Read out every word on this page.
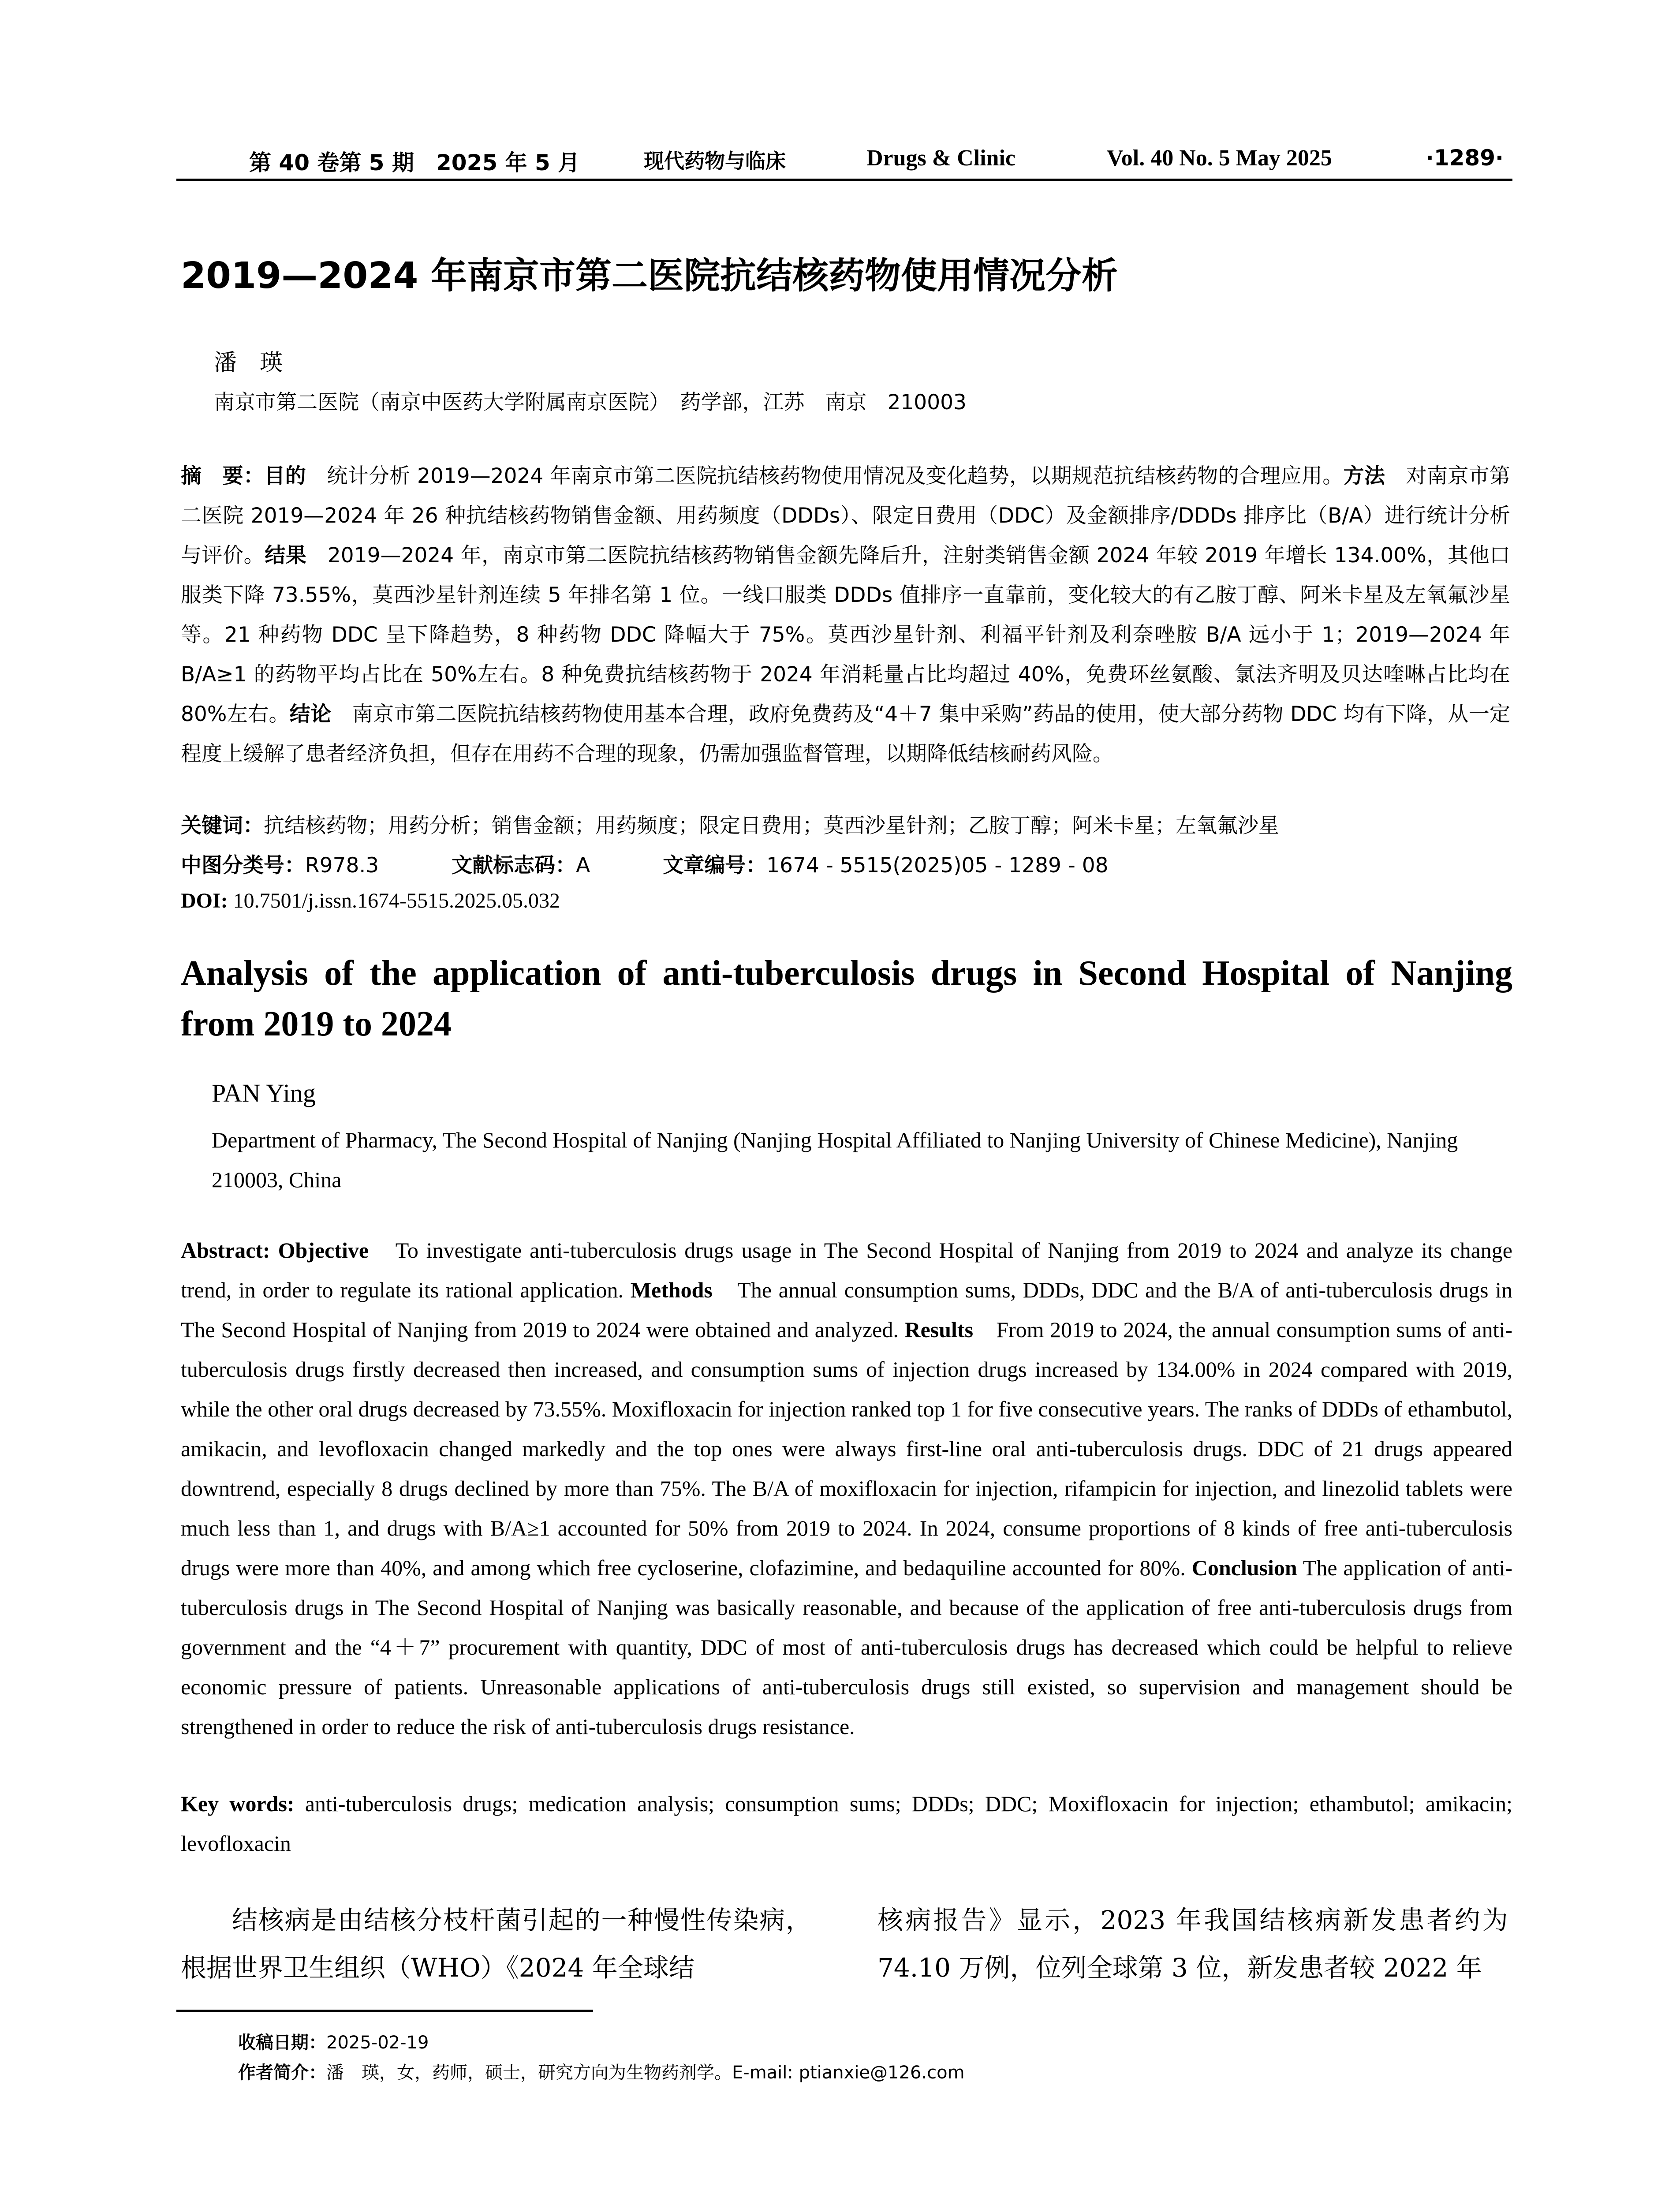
第 40 卷第 5 期　2025 年 5 月	现代药物与临床	Drugs & Clinic	Vol. 40 No. 5 May 2025	·1289·
2019—2024 年南京市第二医院抗结核药物使用情况分析
潘　瑛
南京市第二医院（南京中医药大学附属南京医院）　药学部，江苏　南京　210003
摘　要：目的　统计分析 2019—2024 年南京市第二医院抗结核药物使用情况及变化趋势，以期规范抗结核药物的合理应用。方法　对南京市第二医院 2019—2024 年 26 种抗结核药物销售金额、用药频度（DDDs）、限定日费用（DDC）及金额排序/DDDs 排序比（B/A）进行统计分析与评价。结果　2019—2024 年，南京市第二医院抗结核药物销售金额先降后升，注射类销售金额 2024 年较 2019 年增长 134.00%，其他口服类下降 73.55%，莫西沙星针剂连续 5 年排名第 1 位。一线口服类 DDDs 值排序一直靠前，变化较大的有乙胺丁醇、阿米卡星及左氧氟沙星等。21 种药物 DDC 呈下降趋势，8 种药物 DDC 降幅大于 75%。莫西沙星针剂、利福平针剂及利奈唑胺 B/A 远小于 1；2019—2024 年 B/A≥1 的药物平均占比在 50%左右。8 种免费抗结核药物于 2024 年消耗量占比均超过 40%，免费环丝氨酸、氯法齐明及贝达喹啉占比均在 80%左右。结论　南京市第二医院抗结核药物使用基本合理，政府免费药及“4＋7 集中采购”药品的使用，使大部分药物 DDC 均有下降，从一定程度上缓解了患者经济负担，但存在用药不合理的现象，仍需加强监督管理，以期降低结核耐药风险。
关键词：抗结核药物；用药分析；销售金额；用药频度；限定日费用；莫西沙星针剂；乙胺丁醇；阿米卡星；左氧氟沙星
中图分类号：R978.3	文献标志码：A	文章编号：1674 - 5515(2025)05 - 1289 - 08
DOI: 10.7501/j.issn.1674-5515.2025.05.032
Analysis of the application of anti-tuberculosis drugs in Second Hospital of Nanjing from 2019 to 2024
PAN Ying
Department of Pharmacy, The Second Hospital of Nanjing (Nanjing Hospital Affiliated to Nanjing University of Chinese Medicine), Nanjing 210003, China
Abstract: Objective　To investigate anti-tuberculosis drugs usage in The Second Hospital of Nanjing from 2019 to 2024 and analyze its change trend, in order to regulate its rational application. Methods　The annual consumption sums, DDDs, DDC and the B/A of anti-tuberculosis drugs in The Second Hospital of Nanjing from 2019 to 2024 were obtained and analyzed. Results　From 2019 to 2024, the annual consumption sums of anti-tuberculosis drugs firstly decreased then increased, and consumption sums of injection drugs increased by 134.00% in 2024 compared with 2019, while the other oral drugs decreased by 73.55%. Moxifloxacin for injection ranked top 1 for five consecutive years. The ranks of DDDs of ethambutol, amikacin, and levofloxacin changed markedly and the top ones were always first-line oral anti-tuberculosis drugs. DDC of 21 drugs appeared downtrend, especially 8 drugs declined by more than 75%. The B/A of moxifloxacin for injection, rifampicin for injection, and linezolid tablets were much less than 1, and drugs with B/A≥1 accounted for 50% from 2019 to 2024. In 2024, consume proportions of 8 kinds of free anti-tuberculosis drugs were more than 40%, and among which free cycloserine, clofazimine, and bedaquiline accounted for 80%. Conclusion The application of anti-tuberculosis drugs in The Second Hospital of Nanjing was basically reasonable, and because of the application of free anti-tuberculosis drugs from government and the “4＋7” procurement with quantity, DDC of most of anti-tuberculosis drugs has decreased which could be helpful to relieve economic pressure of patients. Unreasonable applications of anti-tuberculosis drugs still existed, so supervision and management should be strengthened in order to reduce the risk of anti-tuberculosis drugs resistance.
Key words: anti-tuberculosis drugs; medication analysis; consumption sums; DDDs; DDC; Moxifloxacin for injection; ethambutol; amikacin; levofloxacin
结核病是由结核分枝杆菌引起的一种慢性传染病，根据世界卫生组织（WHO）《2024 年全球结
核病报告》显示，2023 年我国结核病新发患者约为 74.10 万例，位列全球第 3 位，新发患者较 2022 年
收稿日期：2025-02-19
作者简介：潘　瑛，女，药师，硕士，研究方向为生物药剂学。E-mail: ptianxie@126.com
